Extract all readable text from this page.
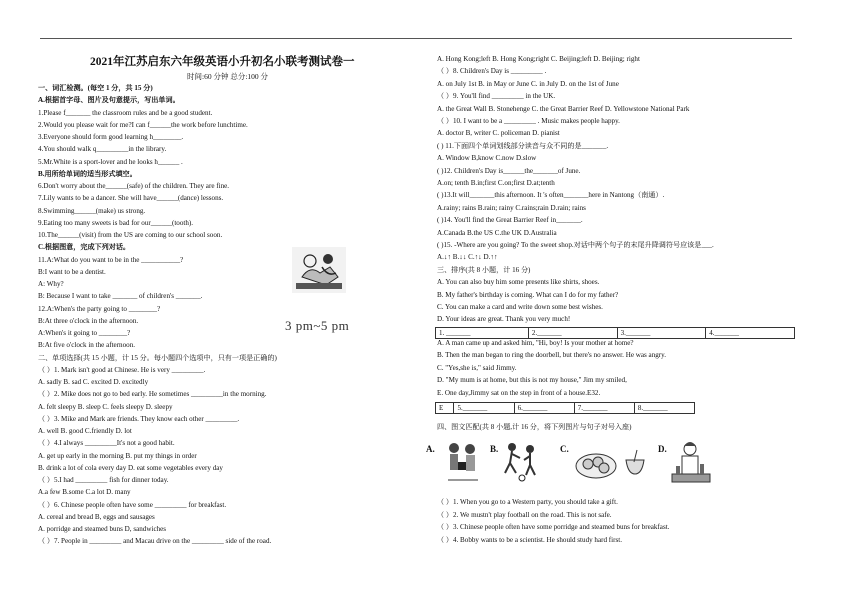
2021年江苏启东六年级英语小升初名小联考测试卷一
时间:60 分钟 总分:100 分
一、词汇检测。(每空 1 分，共 15 分)
A.根据首字母、图片及句意提示，写出单词。
1.Please f_______ the classroom rules and be a good student.
2.Would you please wait for me?I can f______the work before lunchtime.
3.Everyone should form good learning h________.
4.You should walk q_________in the library.
5.Mr.White is a sport-lover and he looks h______ .
B.用所给单词的适当形式填空。
6.Don't worry about the______(safe) of the children. They are fine.
7.Lily wants to be a dancer. She will have______(dance) lessons.
8.Swimming______(make) us strong.
9.Eating too many sweets is bad for our______(tooth).
10.The______(visit) from the US are coming to our school soon.
C.根据图意，完成下列对话。
11.A:What do you want to be in the ___________?
B:I want to be a dentist.
A: Why?
B: Because I want to take _______ of children's _______.
12.A:When's the party going to ________?
B:At three o'clock in the afternoon.
A:When's it going to ________?
B:At five o'clock in the afternoon.
二、单项选择(共 15 小题，计 15 分。每小题四个选项中，只有一项是正确的)
（ ）1. Mark isn't good at Chinese. He is very _________.
A. sadly B. sad C. excited D. excitedly
（ ）2. Mike does not go to bed early. He sometimes _________in the morning.
A. felt sleepy B. sleep C. feels sleepy D. sleepy
（ ）3. Mike and Mark are friends. They know each other _________.
A. well B. good C.friendly D. lot
（ ）4.I always _________It's not a good habit.
A. get up early in the morning B. put my things in order
B. drink a lot of cola every day D. eat some vegetables every day
（ ）5.I had _________ fish for dinner today.
A.a few B.some C.a lot D. many
（ ）6. Chinese people often have some _________ for breakfast.
A. cereal and bread B, eggs and sausages
A. porridge and steamed buns D, sandwiches
（ ）7. People in _________ and Macau drive on the _________ side of the road.
A. Hong Kong;left B. Hong Kong;right C. Beijing;left D. Beijing; right
（ ）8. Children's Day is _________ .
A. on July 1st B. in May or June C. in July D. on the 1st of June
（ ）9. You'll find _________ in the UK.
A. the Great Wall B. Stonehenge C. the Great Barrier Reef D. Yellowstone National Park
（ ）10. I want to be a _________ . Music makes people happy.
A. doctor B, writer C. policeman D. pianist
( ) 11.下面四个单词划线部分读音与众不同的是_______.
A. Window B,know C.now D.slow
( )12. Children's Day is______the_______of June.
A.on; tenth B.in;first C.on;first D.at;tenth
( )13.It will_______this afternoon. It 's often_______here in Nantong（南通）.
A.rainy; rains B.rain; rainy C.rains;rain D.rain; rains
( )14. You'll find the Great Barrier Reef in_______.
A.Canada B.the US C.the UK D.Australia
( )15. -Where are you going? To the sweet shop.对话中两个句子的末尾升降调符号应该是___.
A.↓↑ B.↓↓ C.↑↓ D.↑↑
三、排序(共 8 小题，计 16 分)
A. You can also buy him some presents like shirts, shoes.
B. My father's birthday is coming. What can I do for my father?
C. You can make a card and write down some best wishes.
D. Your ideas are great. Thank you very much!
A. A man came up and asked him, "Hi, boy! Is your mother at home?
B. Then the man began to ring the doorbell, but there's no answer. He was angry.
C. "Yes,she is," said Jimmy.
D. "My mum is at home, but this is not my house," Jim my smiled,
E. One day,Jimmy sat on the step in front of a house.E32.
（ ）1. When you go to a Western party, you should take a gift.
（ ）2. We mustn't play football on the road. This is not safe.
（ ）3. Chinese people often have some porridge and steamed buns for breakfast.
（ ）4. Bobby wants to be a scientist. He should study hard first.
3 pm~5 pm	1. _______	2._______	3._______	4._______
E	5._______	6._______	7._______	8._______
四、图文匹配(共 8 小题,计 16 分，将下列图片与句子对号入座)
A.	B.	C.	D.
